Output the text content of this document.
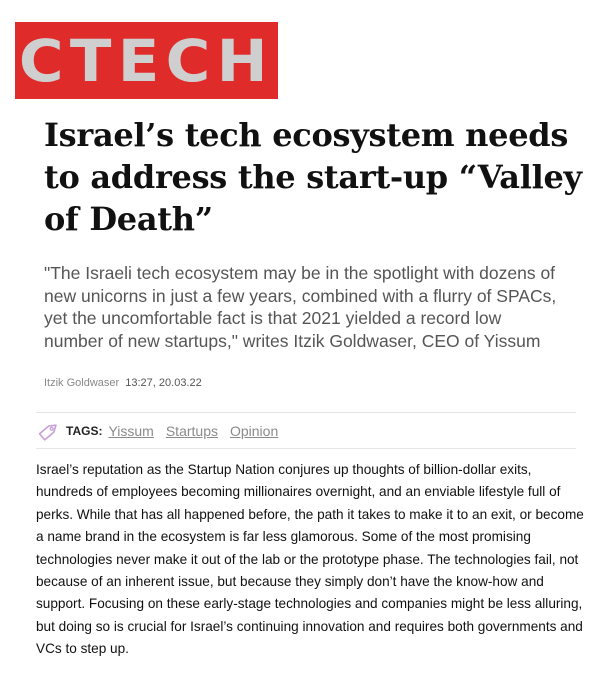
CTECH
Israel’s tech ecosystem needs to address the start-up “Valley of Death”

"The Israeli tech ecosystem may be in the spotlight with dozens of new unicorns in just a few years, combined with a flurry of SPACs, yet the uncomfortable fact is that 2021 yielded a record low number of new startups," writes Itzik Goldwaser, CEO of Yissum

Itzik Goldwaser 13:27, 20.03.22
TAGS: Yissum Startups Opinion

Israel’s reputation as the Startup Nation conjures up thoughts of billion-dollar exits, hundreds of employees becoming millionaires overnight, and an enviable lifestyle full of perks. While that has all happened before, the path it takes to make it to an exit, or become a name brand in the ecosystem is far less glamorous. Some of the most promising technologies never make it out of the lab or the prototype phase. The technologies fail, not because of an inherent issue, but because they simply don’t have the know-how and support. Focusing on these early-stage technologies and companies might be less alluring, but doing so is crucial for Israel’s continuing innovation and requires both governments and VCs to step up.
